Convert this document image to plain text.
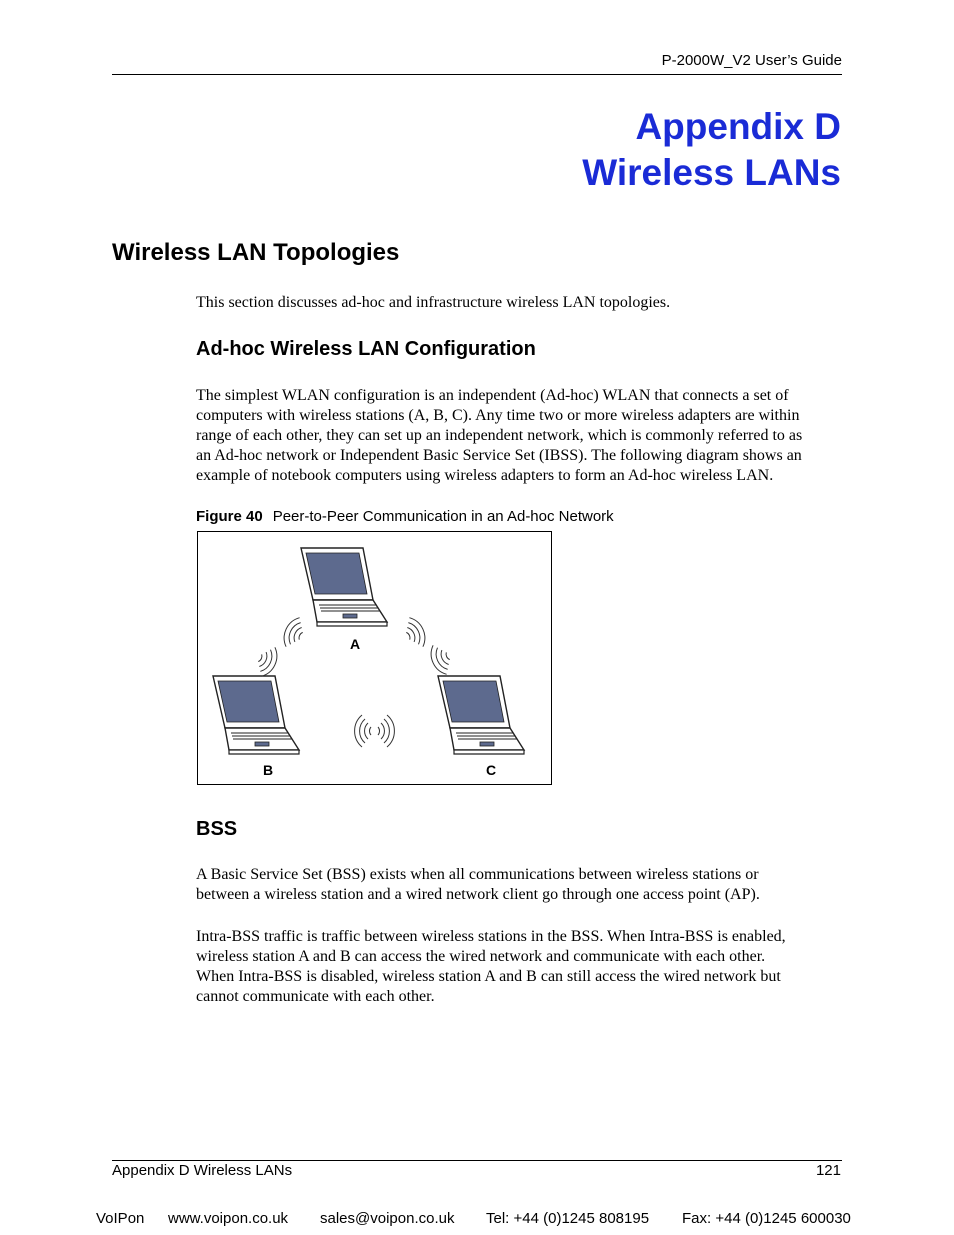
P-2000W_V2 User’s Guide
Appendix D
Wireless LANs
Wireless LAN Topologies
This section discusses ad-hoc and infrastructure wireless LAN topologies.
Ad-hoc Wireless LAN Configuration
The simplest WLAN configuration is an independent (Ad-hoc) WLAN that connects a set of
computers with wireless stations (A, B, C). Any time two or more wireless adapters are within
range of each other, they can set up an independent network, which is commonly referred to as
an Ad-hoc network or Independent Basic Service Set (IBSS). The following diagram shows an
example of notebook computers using wireless adapters to form an Ad-hoc wireless LAN.
Figure 40 Peer-to-Peer Communication in an Ad-hoc Network
A
B	C
BSS
A Basic Service Set (BSS) exists when all communications between wireless stations or
between a wireless station and a wired network client go through one access point (AP).
Intra-BSS traffic is traffic between wireless stations in the BSS. When Intra-BSS is enabled,
wireless station A and B can access the wired network and communicate with each other.
When Intra-BSS is disabled, wireless station A and B can still access the wired network but
cannot communicate with each other.
Appendix D Wireless LANs	121
VoIPon www.voipon.co.uk sales@voipon.co.uk Tel: +44 (0)1245 808195 Fax: +44 (0)1245 600030
